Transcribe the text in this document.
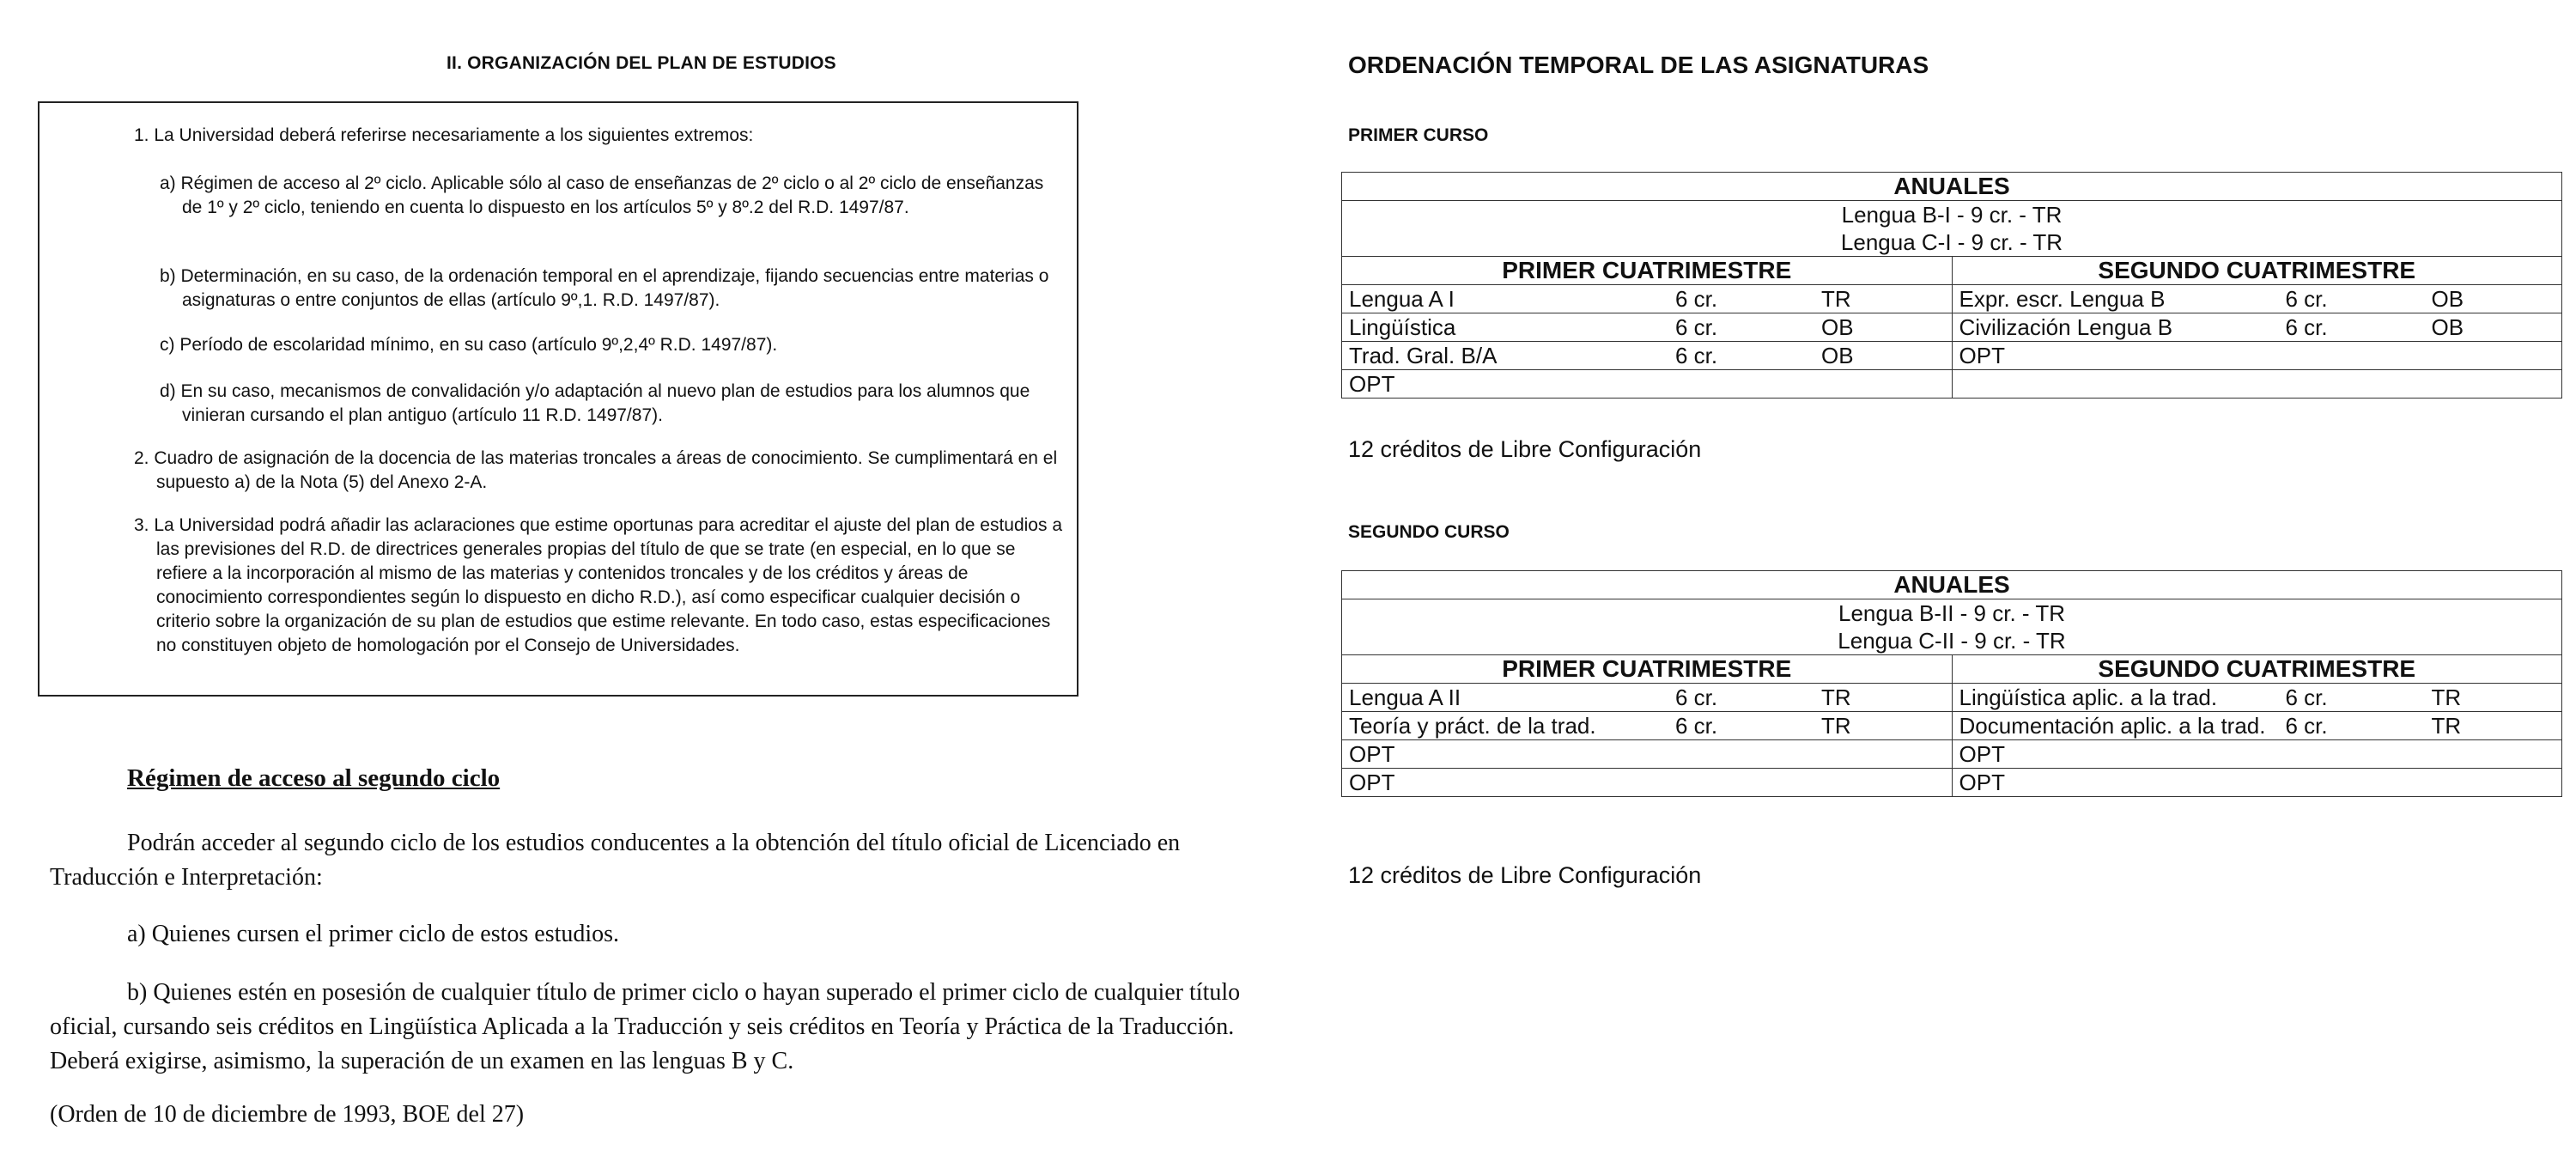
II. ORGANIZACIÓN DEL PLAN DE ESTUDIOS
1. La Universidad deberá referirse necesariamente a los siguientes extremos:
a) Régimen de acceso al 2º ciclo. Aplicable sólo al caso de enseñanzas de 2º ciclo o al 2º ciclo de enseñanzas de 1º y 2º ciclo, teniendo en cuenta lo dispuesto en los artículos 5º y 8º.2 del R.D. 1497/87.
b) Determinación, en su caso, de la ordenación temporal en el aprendizaje, fijando secuencias entre materias o asignaturas o entre conjuntos de ellas (artículo 9º,1. R.D. 1497/87).
c) Período de escolaridad mínimo, en su caso (artículo 9º,2,4º R.D. 1497/87).
d) En su caso, mecanismos de convalidación y/o adaptación al nuevo plan de estudios para los alumnos que vinieran cursando el plan antiguo (artículo 11 R.D. 1497/87).
2. Cuadro de asignación de la docencia de las materias troncales a áreas de conocimiento. Se cumplimentará en el supuesto a) de la Nota (5) del Anexo 2-A.
3. La Universidad podrá añadir las aclaraciones que estime oportunas para acreditar el ajuste del plan de estudios a las previsiones del R.D. de directrices generales propias del título de que se trate (en especial, en lo que se refiere a la incorporación al mismo de las materias y contenidos troncales y de los créditos y áreas de conocimiento correspondientes según lo dispuesto en dicho R.D.), así como especificar cualquier decisión o criterio sobre la organización de su plan de estudios que estime relevante. En todo caso, estas especificaciones no constituyen objeto de homologación por el Consejo de Universidades.
Régimen de acceso al segundo ciclo
Podrán acceder al segundo ciclo de los estudios conducentes a la obtención del título oficial de Licenciado en Traducción e Interpretación:
a) Quienes cursen el primer ciclo de estos estudios.
b) Quienes estén en posesión de cualquier título de primer ciclo o hayan superado el primer ciclo de cualquier título oficial, cursando seis créditos en Lingüística Aplicada a la Traducción y seis créditos en Teoría y Práctica de la Traducción. Deberá exigirse, asimismo, la superación de un examen en las lenguas B y C.
(Orden de 10 de diciembre de 1993, BOE del 27)
ORDENACIÓN TEMPORAL DE LAS ASIGNATURAS
PRIMER CURSO
ANUALES	

Lengua B-I - 9 cr. - TR
Lengua C-I - 9 cr. - TR	

PRIMER CUATRIMESTRE	SEGUNDO CUATRIMESTRE

Lengua A I 6 cr. TR	Expr. escr. Lengua B 6 cr. OB

Lingüística 6 cr. OB	Civilización Lengua B 6 cr. OB

Trad. Gral. B/A 6 cr. OB	OPT

OPT	

12 créditos de Libre Configuración
SEGUNDO CURSO
ANUALES	

Lengua B-II - 9 cr. - TR
Lengua C-II - 9 cr. - TR	

PRIMER CUATRIMESTRE	SEGUNDO CUATRIMESTRE

Lengua A II 6 cr. TR	Lingüística aplic. a la trad. 6 cr. TR

Teoría y práct. de la trad. 6 cr. TR	Documentación aplic. a la trad. 6 cr. TR

OPT	OPT

OPT	OPT
12 créditos de Libre Configuración
